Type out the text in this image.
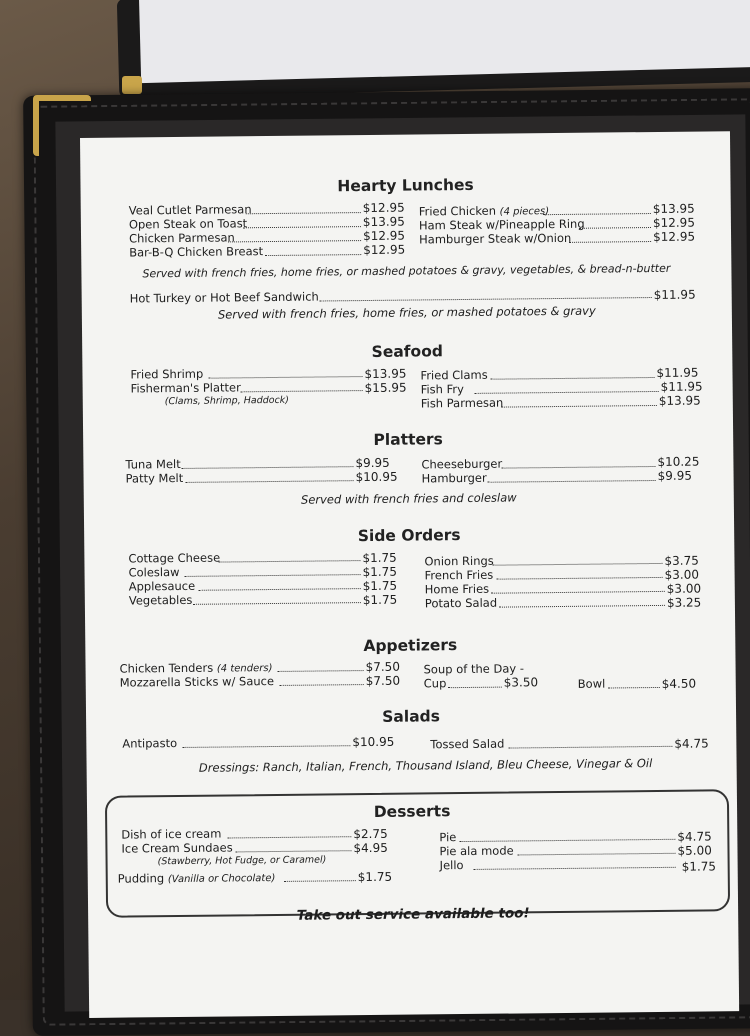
Hearty Lunches
Veal Cutlet Parmesan	$12.95
Open Steak on Toast	$13.95
Chicken Parmesan	$12.95
Bar-B-Q Chicken Breast	$12.95
Fried Chicken (4 pieces)	$13.95
Ham Steak w/Pineapple Ring	$12.95
Hamburger Steak w/Onion	$12.95
Served with french fries, home fries, or mashed potatoes & gravy, vegetables, & bread-n-butter
Hot Turkey or Hot Beef Sandwich	$11.95
Served with french fries, home fries, or mashed potatoes & gravy
Seafood
Fried Shrimp	$13.95
Fisherman's Platter	$15.95
(Clams, Shrimp, Haddock)
Fried Clams	$11.95
Fish Fry	$11.95
Fish Parmesan	$13.95
Platters
Tuna Melt	$9.95
Patty Melt	$10.95
Cheeseburger	$10.25
Hamburger	$9.95
Served with french fries and coleslaw
Side Orders
Cottage Cheese	$1.75
Coleslaw	$1.75
Applesauce	$1.75
Vegetables	$1.75
Onion Rings	$3.75
French Fries	$3.00
Home Fries	$3.00
Potato Salad	$3.25
Appetizers
Chicken Tenders (4 tenders)	$7.50
Mozzarella Sticks w/ Sauce	$7.50
Soup of the Day -
Cup	$3.50	Bowl	$4.50
Salads
Antipasto	$10.95	Tossed Salad	$4.75
Dressings: Ranch, Italian, French, Thousand Island, Bleu Cheese, Vinegar & Oil
Desserts
Dish of ice cream	$2.75
Ice Cream Sundaes	$4.95
(Stawberry, Hot Fudge, or Caramel)
Pudding (Vanilla or Chocolate)	$1.75
Pie	$4.75
Pie ala mode	$5.00
Jello	$1.75
Take out service available too!
